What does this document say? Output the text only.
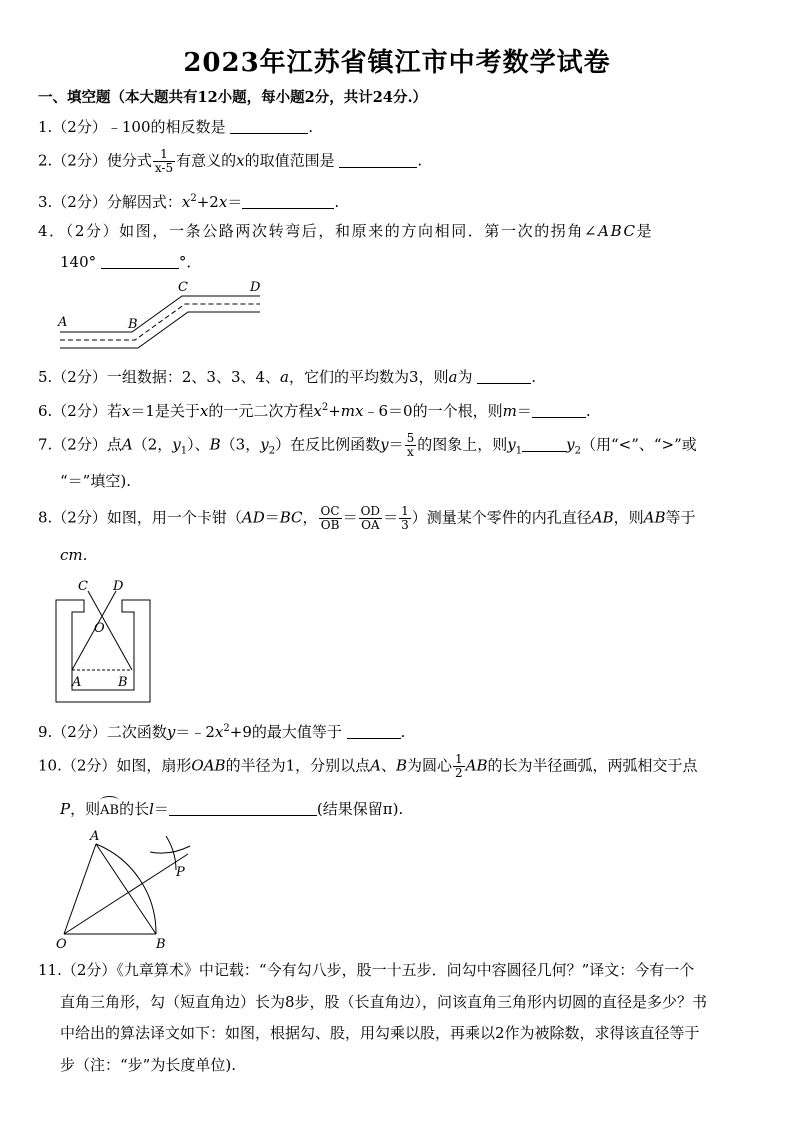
2023年江苏省镇江市中考数学试卷
一、填空题（本大题共有12小题，每小题2分，共计24分.）
1.（2分）﹣100的相反数是	.
2.（2分）使分式 $\frac{1}{x-5}$ 有意义的x的取值范围是	.
3.（2分）分解因式：$x^2+2x=$	.
4．（2分）如图，一条公路两次转弯后，和原来的方向相同．第一次的拐角∠ABC是
140°	°．
A	B
C	D
5.（2分）一组数据：2、3、3、4、a，它们的平均数为3，则a为	.
6.（2分）若x＝1是关于x的一元二次方程$x^2+mx﹣6=0$的一个根，则m＝	.
7.（2分）点A（2，$y_1$）、B（3，$y_2$）在反比例函数$y= \frac{5}{x}$ 的图象上，则$y_1$	$y_2$（用“<”、“>”或
“＝”填空).
8.（2分）如图，用一个卡钳（AD＝BC， $\frac{OC}{OB} = \frac{OD}{OA} = \frac{1}{3}$ ）测量某个零件的内孔直径AB，则AB等于
cm.
C D
O
A	B
9.（2分）二次函数$y=﹣2x^2+9$的最大值等于	.
10.（2分）如图，扇形OAB的半径为1，分别以点A、B为圆心 $\frac{1}{2}$ AB的长为半径画弧，两弧相交于点
P，则AB的长l＝	(结果保留π).
A
O	B
P
11.（2分）《九章算术》中记载：“今有勾八步，股一十五步．问勾中容圆径几何？”译文：今有一个
直角三角形，勾（短直角边）长为8步，股（长直角边），问该直角三角形内切圆的直径是多少？书
中给出的算法译文如下：如图，根据勾、股，用勾乘以股，再乘以2作为被除数，求得该直径等于
步（注：“步”为长度单位).
